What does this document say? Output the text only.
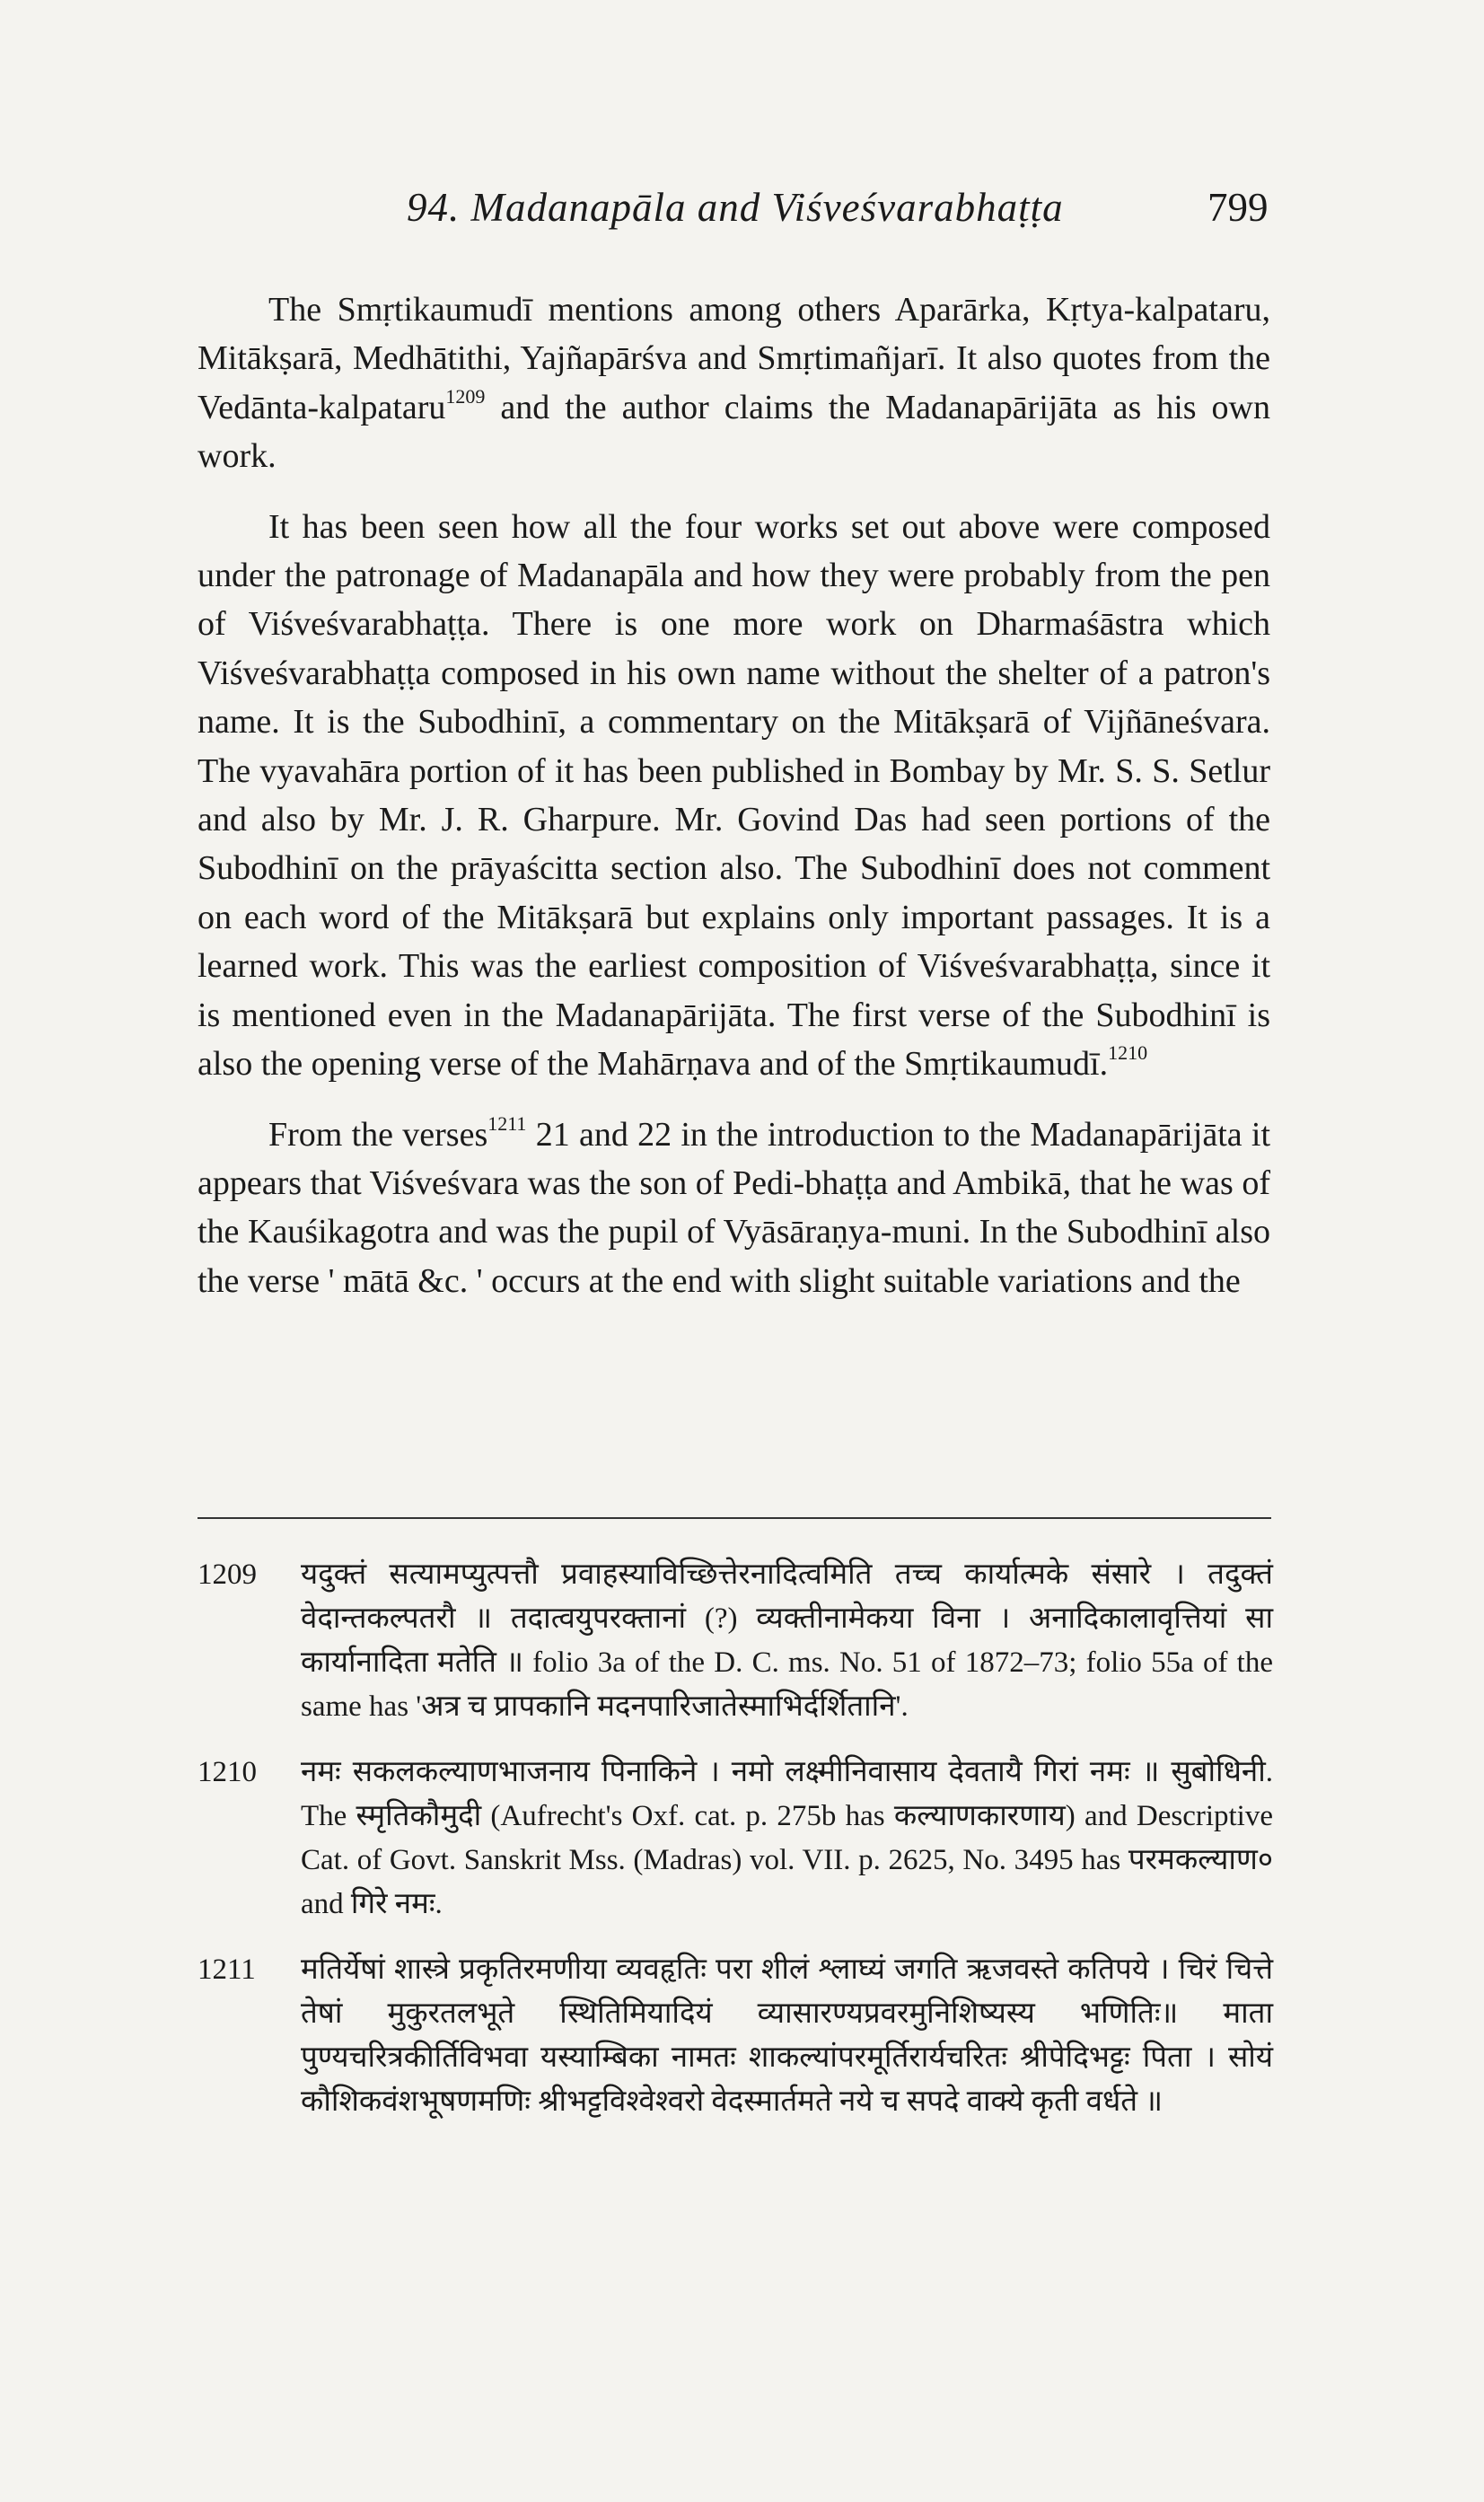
94. Madanapāla and Viśveśvarabhaṭṭa	799

The Smṛtikaumudī mentions among others Aparārka, Kṛtya-kalpataru, Mitākṣarā, Medhātithi, Yajñapārśva and Smṛtimañjarī. It also quotes from the Vedānta-kalpataru$^{1209}$ and the author claims the Madanapārijāta as his own work.

It has been seen how all the four works set out above were composed under the patronage of Madanapāla and how they were probably from the pen of Viśveśvarabhaṭṭa. There is one more work on Dharmaśāstra which Viśveśvarabhaṭṭa composed in his own name without the shelter of a patron's name. It is the Subodhinī, a commentary on the Mitākṣarā of Vijñāneśvara. The vyavahāra portion of it has been published in Bombay by Mr. S. S. Setlur and also by Mr. J. R. Gharpure. Mr. Govind Das had seen portions of the Subodhinī on the prāyaścitta section also. The Subodhinī does not comment on each word of the Mitākṣarā but explains only important passages. It is a learned work. This was the earliest composition of Viśveśvarabhaṭṭa, since it is mentioned even in the Madanapārijāta. The first verse of the Subodhinī is also the opening verse of the Mahārṇava and of the Smṛtikaumudī.$^{1210}$

From the verses$^{1211}$ 21 and 22 in the introduction to the Madanapārijāta it appears that Viśveśvara was the son of Pedi-bhaṭṭa and Ambikā, that he was of the Kauśikagotra and was the pupil of Vyāsāraṇya-muni. In the Subodhinī also the verse ' mātā &c. ' occurs at the end with slight suitable variations and the

1209	यदुक्तं सत्यामप्युत्पत्तौ प्रवाहस्याविच्छित्तेरनादित्वमिति तच्च कार्यात्मके संसारे । तदुक्तं वेदान्तकल्पतरौ ॥ तदात्वयुपरक्तानां (?) व्यक्तीनामेकया विना । अनादिकालावृत्तियां सा कार्यानादिता मतेति ॥ folio 3a of the D. C. ms. No. 51 of 1872–73; folio 55a of the same has 'अत्र च प्रापकानि मदनपारिजातेस्माभिर्दर्शितानि'.
1210	नमः सकलकल्याणभाजनाय पिनाकिने । नमो लक्ष्मीनिवासाय देवतायै गिरां नमः ॥ सुबोधिनी. The स्मृतिकौमुदी (Aufrecht's Oxf. cat. p. 275b has कल्याणकारणाय) and Descriptive Cat. of Govt. Sanskrit Mss. (Madras) vol. VII. p. 2625, No. 3495 has परमकल्याण० and गिरे नमः.
1211	मतिर्येषां शास्त्रे प्रकृतिरमणीया व्यवहृतिः परा शीलं श्लाघ्यं जगति ऋजवस्ते कतिपये । चिरं चित्ते तेषां मुकुरतलभूते स्थितिमियादियं व्यासारण्यप्रवरमुनिशिष्यस्य भणितिः॥ माता पुण्यचरित्रकीर्तिविभवा यस्याम्बिका नामतः शाकल्यांपरमूर्तिरार्यचरितः श्रीपेदिभट्टः पिता । सोयं कौशिकवंशभूषणमणिः श्रीभट्टविश्वेश्वरो वेदस्मार्तमते नये च सपदे वाक्ये कृती वर्धते ॥
